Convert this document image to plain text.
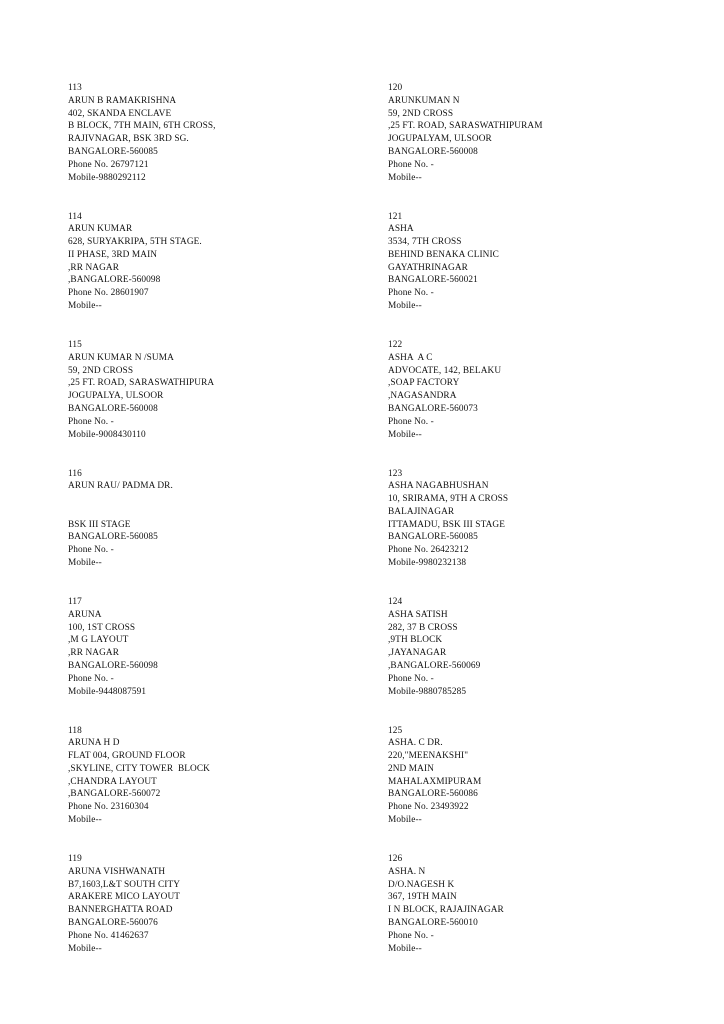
113
ARUN B RAMAKRISHNA
402, SKANDA ENCLAVE
B BLOCK, 7TH MAIN, 6TH CROSS,
RAJIVNAGAR, BSK 3RD SG.
BANGALORE-560085
Phone No. 26797121
Mobile-9880292112
114
ARUN KUMAR
628, SURYAKRIPA, 5TH STAGE.
II PHASE, 3RD MAIN
,RR NAGAR
,BANGALORE-560098
Phone No. 28601907
Mobile--
115
ARUN KUMAR N /SUMA
59, 2ND CROSS
,25 FT. ROAD, SARASWATHIPURA
JOGUPALYA, ULSOOR
BANGALORE-560008
Phone No. -
Mobile-9008430110
116
ARUN RAU/ PADMA DR.
BSK III STAGE
BANGALORE-560085
Phone No. -
Mobile--
117
ARUNA
100, 1ST CROSS
,M G LAYOUT
,RR NAGAR
BANGALORE-560098
Phone No. -
Mobile-9448087591
118
ARUNA H D
FLAT 004, GROUND FLOOR
,SKYLINE, CITY TOWER  BLOCK
,CHANDRA LAYOUT
,BANGALORE-560072
Phone No. 23160304
Mobile--
119
ARUNA VISHWANATH
B7,1603,L&T SOUTH CITY
ARAKERE MICO LAYOUT
BANNERGHATTA ROAD
BANGALORE-560076
Phone No. 41462637
Mobile--
120
ARUNKUMAN N
59, 2ND CROSS
,25 FT. ROAD, SARASWATHIPURAM
JOGUPALYAM, ULSOOR
BANGALORE-560008
Phone No. -
Mobile--
121
ASHA
3534, 7TH CROSS
BEHIND BENAKA CLINIC
GAYATHRINAGAR
BANGALORE-560021
Phone No. -
Mobile--
122
ASHA  A C
ADVOCATE, 142, BELAKU
,SOAP FACTORY
,NAGASANDRA
BANGALORE-560073
Phone No. -
Mobile--
123
ASHA NAGABHUSHAN
10, SRIRAMA, 9TH A CROSS
BALAJINAGAR
ITTAMADU, BSK III STAGE
BANGALORE-560085
Phone No. 26423212
Mobile-9980232138
124
ASHA SATISH
282, 37 B CROSS
,9TH BLOCK
,JAYANAGAR
,BANGALORE-560069
Phone No. -
Mobile-9880785285
125
ASHA. C DR.
220,"MEENAKSHI"
2ND MAIN
MAHALAXMIPURAM
BANGALORE-560086
Phone No. 23493922
Mobile--
126
ASHA. N
D/O.NAGESH K
367, 19TH MAIN
I N BLOCK, RAJAJINAGAR
BANGALORE-560010
Phone No. -
Mobile--
